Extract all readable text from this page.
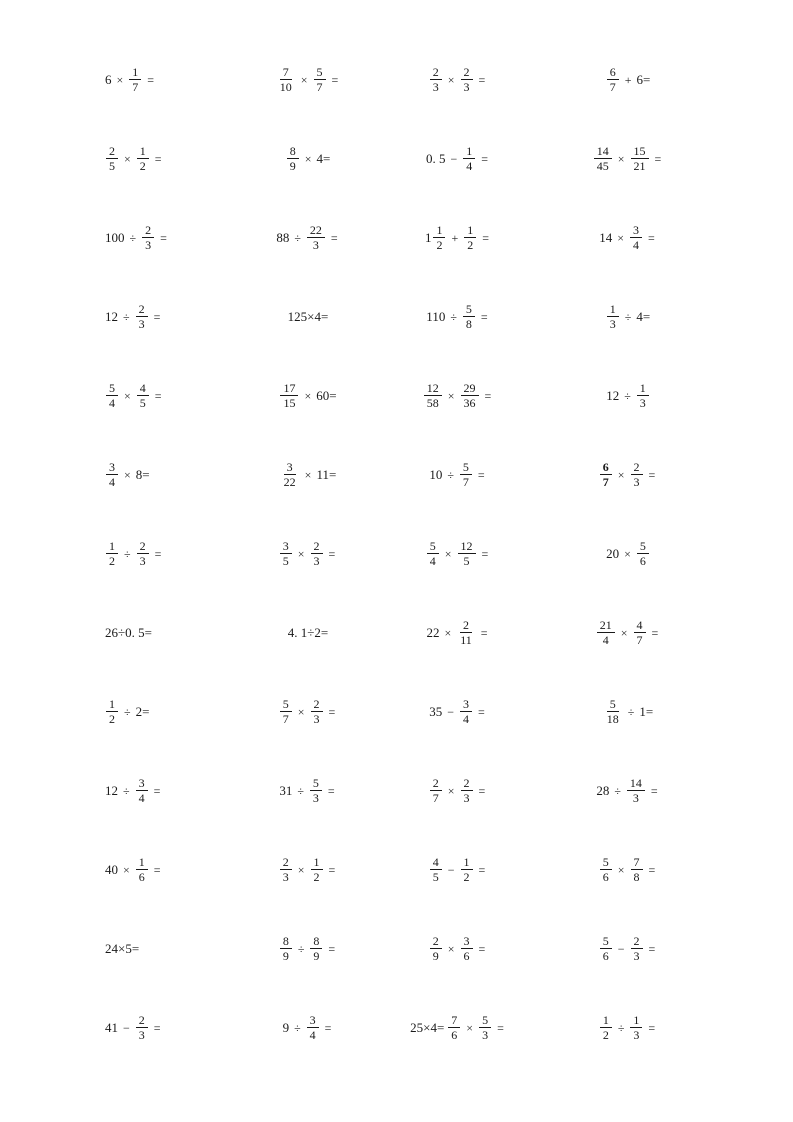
$6 \times \frac{1}{7}$ =	$\frac{7}{10} \times \frac{5}{7}$ =	$\frac{2}{3} \times \frac{2}{3}$ =	$\frac{6}{7} + 6=$
$\frac{2}{5} \times \frac{1}{2}$ =	$\frac{8}{9} \times 4=$	0. $5 - \frac{1}{4}$ =	$\frac{14}{45} \times \frac{15}{21}$ =
$100 \div \frac{2}{3}$ =	$88 \div \frac{22}{3}$ =	$1 \frac{1}{2} + \frac{1}{2}$ =	$14 \times \frac{3}{4}$ =
$12 \div \frac{2}{3}$ =	125×4=	$110 \div \frac{5}{8}$ =	$\frac{1}{3} \div 4=$
$\frac{5}{4} \times \frac{4}{5}$ =	$\frac{17}{15} \times 60=$	$\frac{12}{58} \times \frac{29}{36}$ =	$12 \div \frac{1}{3}$
$\frac{3}{4} \times 8=$	$\frac{3}{22} \times 11=$	$10 \div \frac{5}{7}$ =	$\frac{6}{7} \times \frac{2}{3}$ =
$\frac{1}{2} \div \frac{2}{3}$ =	$\frac{3}{5} \times \frac{2}{3}$ =	$\frac{5}{4} \times \frac{12}{5}$ =	$20 \times \frac{5}{6}$
26÷0. 5=	4. 1÷2=	$22 \times \frac{2}{11}$ =	$\frac{21}{4} \times \frac{4}{7}$ =
$\frac{1}{2} \div 2=$	$\frac{5}{7} \times \frac{2}{3}$ =	$35 - \frac{3}{4}$ =	$\frac{5}{18} \div 1=$
$12 \div \frac{3}{4}$ =	$31 \div \frac{5}{3}$ =	$\frac{2}{7} \times \frac{2}{3}$ =	$28 \div \frac{14}{3}$ =
$40 \times \frac{1}{6}$ =	$\frac{2}{3} \times \frac{1}{2}$ =	$\frac{4}{5} - \frac{1}{2}$ =	$\frac{5}{6} \times \frac{7}{8}$ =
24×5=	$\frac{8}{9} \div \frac{8}{9}$ =	$\frac{2}{9} \times \frac{3}{6}$ =	$\frac{5}{6} - \frac{2}{3}$ =
$41 - \frac{2}{3}$ =	$9 \div \frac{3}{4}$ =	$25\times 4= \frac{7}{6} \times \frac{5}{3}$ =	$\frac{1}{2} \div \frac{1}{3}$ =
